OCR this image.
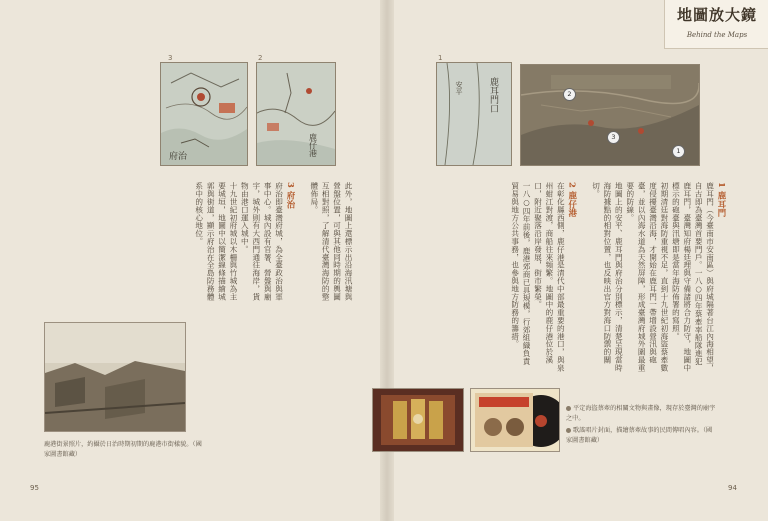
地圖放大鏡
Behind the Maps
3	2	1
府治	鹿仔港
鹿耳門口
安平	2
3
1
1 鹿耳門
鹿耳門（今臺南市安南區）與府城隔著台江內海相望，自古即為臺灣首要門戶。一八○四年蔡牽率船隊進犯鹿耳門，臺灣知府楊廷理與守備諸將合力防守，地圖中標示的砲臺與汛塘即是當年海防佈署的寫照。
初期清廷對海防重視不足，直到十九世紀初海盜蔡牽數度侵擾臺灣沿海，才開始在鹿耳門一帶增設營汛與砲臺，並以內海水道為天然屏障，形成臺灣府城外圍最重要的防線。
地圖上的安平、鹿耳門與府治分別標示，清楚呈現當時海防據點的相對位置，也反映出官方對海口防禦的關切。

2 鹿仔港
在彰化縣西側，鹿仔港是清代中部最重要的港口，與泉州蚶江對渡，商船往來頻繁。地圖中的鹿仔港位於溪口，附近聚落沿岸發展，街市繁榮。
一八○四年前後，鹿港郊商已具規模，行郊組織負責貿易與地方公共事務，也參與地方防務的籌措。
此外，地圖上還標示出沿海汛塘與營盤位置，可與其他同時期的輿圖互相對照，了解清代臺灣海防的整體佈局。

3 府治
府治即臺灣府城，為全臺政治與軍事中心。城內設有官署、營盤與廟宇，城外則有大西門通往海岸，貨物由港口運入城中。
十九世紀初府城以木柵與竹城為主要城垣，地圖中以簡潔線條描繪城郭與街道，顯示府治在全島防務體系中的核心地位。
鹿港街景照片，約攝於日治時期初期的鹿港市街樣貌。（國家圖書館藏）
平定海盜蔡牽的相關文物與畫像，現存於臺灣的廟宇之中。
歌謠唱片封面，描繪蔡牽故事的民間傳唱內容。（國家圖書館藏）
95	94
